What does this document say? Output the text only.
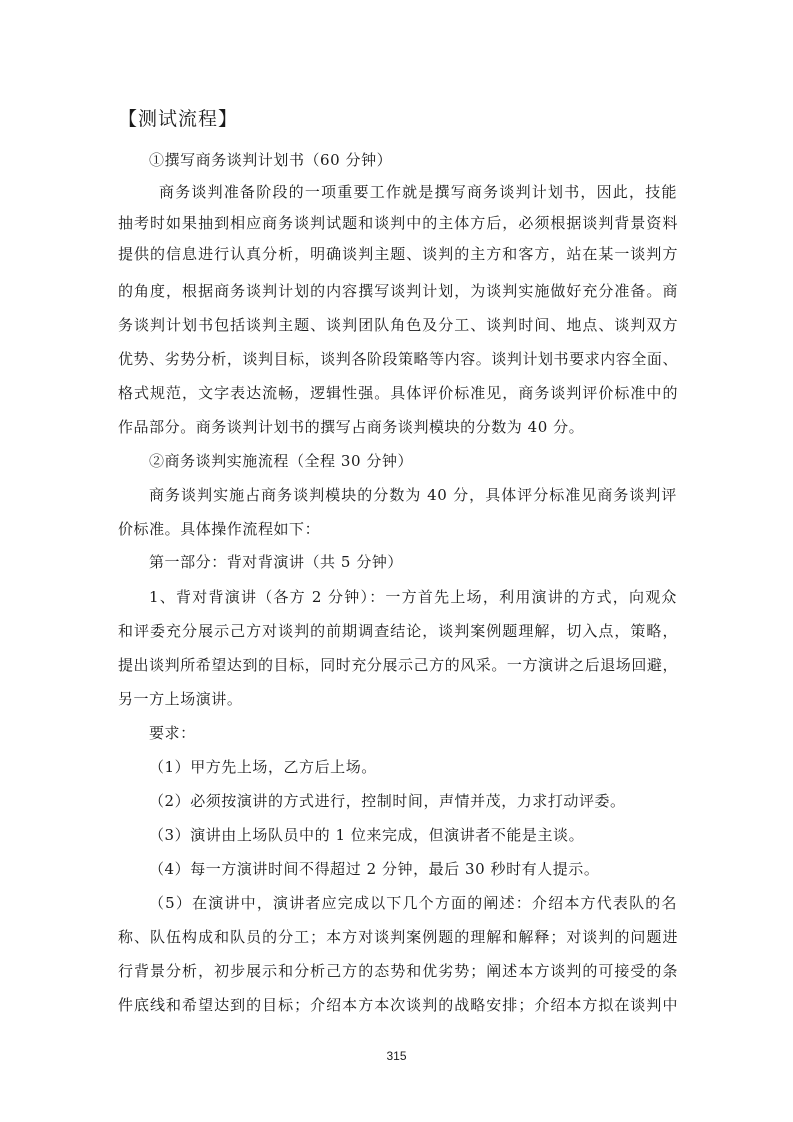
【测试流程】
①撰写商务谈判计划书（60 分钟）
商务谈判准备阶段的一项重要工作就是撰写商务谈判计划书，因此，技能
抽考时如果抽到相应商务谈判试题和谈判中的主体方后，必须根据谈判背景资料
提供的信息进行认真分析，明确谈判主题、谈判的主方和客方，站在某一谈判方
的角度，根据商务谈判计划的内容撰写谈判计划，为谈判实施做好充分准备。商
务谈判计划书包括谈判主题、谈判团队角色及分工、谈判时间、地点、谈判双方
优势、劣势分析，谈判目标，谈判各阶段策略等内容。谈判计划书要求内容全面、
格式规范，文字表达流畅，逻辑性强。具体评价标准见，商务谈判评价标准中的
作品部分。商务谈判计划书的撰写占商务谈判模块的分数为 40 分。
②商务谈判实施流程（全程 30 分钟）
商务谈判实施占商务谈判模块的分数为 40 分，具体评分标准见商务谈判评
价标准。具体操作流程如下：
第一部分：背对背演讲（共 5 分钟）
1、背对背演讲（各方 2 分钟）：一方首先上场，利用演讲的方式，向观众
和评委充分展示己方对谈判的前期调查结论，谈判案例题理解，切入点，策略，
提出谈判所希望达到的目标，同时充分展示己方的风采。一方演讲之后退场回避，
另一方上场演讲。
要求：
（1）甲方先上场，乙方后上场。
（2）必须按演讲的方式进行，控制时间，声情并茂，力求打动评委。
（3）演讲由上场队员中的 1 位来完成，但演讲者不能是主谈。
（4）每一方演讲时间不得超过 2 分钟，最后 30 秒时有人提示。
（5）在演讲中，演讲者应完成以下几个方面的阐述：介绍本方代表队的名
称、队伍构成和队员的分工；本方对谈判案例题的理解和解释；对谈判的问题进
行背景分析，初步展示和分析己方的态势和优劣势；阐述本方谈判的可接受的条
件底线和希望达到的目标；介绍本方本次谈判的战略安排；介绍本方拟在谈判中
315
